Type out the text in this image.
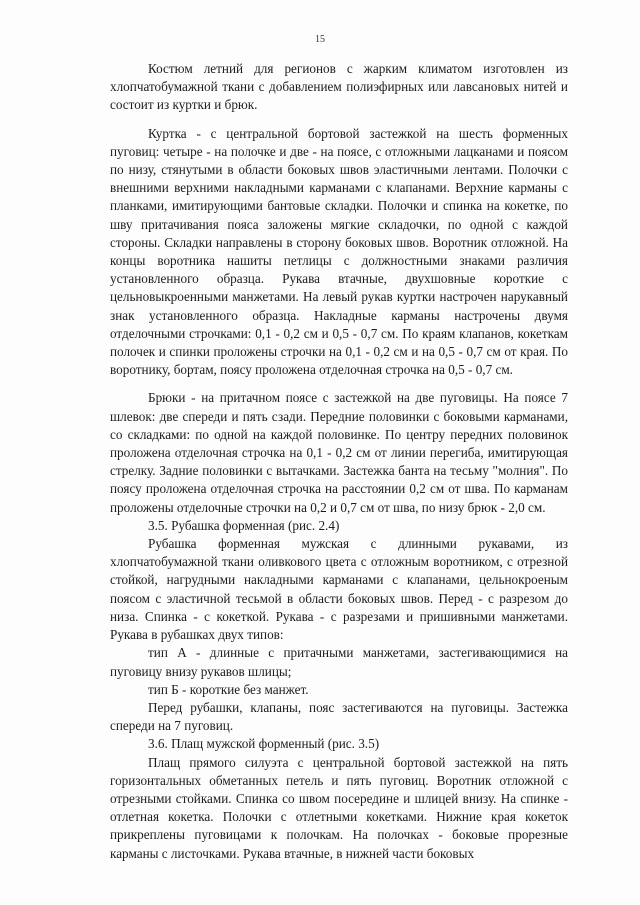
15

Костюм летний для регионов с жарким климатом изготовлен из хлопчатобумажной ткани с добавлением полиэфирных или лавсановых нитей и состоит из куртки и брюк.

Куртка - с центральной бортовой застежкой на шесть форменных пуговиц: четыре - на полочке и две - на поясе, с отложными лацканами и поясом по низу, стянутыми в области боковых швов эластичными лентами. Полочки с внешними верхними накладными карманами с клапанами. Верхние карманы с планками, имитирующими бантовые складки. Полочки и спинка на кокетке, по шву притачивания пояса заложены мягкие складочки, по одной с каждой стороны. Складки направлены в сторону боковых швов. Воротник отложной. На концы воротника нашиты петлицы с должностными знаками различия установленного образца. Рукава втачные, двухшовные короткие с цельновыкроенными манжетами. На левый рукав куртки настрочен нарукавный знак установленного образца. Накладные карманы настрочены двумя отделочными строчками: 0,1 - 0,2 см и 0,5 - 0,7 см. По краям клапанов, кокеткам полочек и спинки проложены строчки на 0,1 - 0,2 см и на 0,5 - 0,7 см от края. По воротнику, бортам, поясу проложена отделочная строчка на 0,5 - 0,7 см.

Брюки - на притачном поясе с застежкой на две пуговицы. На поясе 7 шлевок: две спереди и пять сзади. Передние половинки с боковыми карманами, со складками: по одной на каждой половинке. По центру передних половинок проложена отделочная строчка на 0,1 - 0,2 см от линии перегиба, имитирующая стрелку. Задние половинки с вытачками. Застежка банта на тесьму "молния". По поясу проложена отделочная строчка на расстоянии 0,2 см от шва. По карманам проложены отделочные строчки на 0,2 и 0,7 см от шва, по низу брюк - 2,0 см.

3.5. Рубашка форменная (рис. 2.4)

Рубашка форменная мужская с длинными рукавами, из хлопчатобумажной ткани оливкового цвета с отложным воротником, с отрезной стойкой, нагрудными накладными карманами с клапанами, цельнокроеным поясом с эластичной тесьмой в области боковых швов. Перед - с разрезом до низа. Спинка - с кокеткой. Рукава - с разрезами и пришивными манжетами. Рукава в рубашках двух типов:

тип А - длинные с притачными манжетами, застегивающимися на пуговицу внизу рукавов шлицы;

тип Б - короткие без манжет.

Перед рубашки, клапаны, пояс застегиваются на пуговицы. Застежка спереди на 7 пуговиц.

3.6. Плащ мужской форменный (рис. 3.5)

Плащ прямого силуэта с центральной бортовой застежкой на пять горизонтальных обметанных петель и пять пуговиц. Воротник отложной с отрезными стойками. Спинка со швом посередине и шлицей внизу. На спинке - отлетная кокетка. Полочки с отлетными кокетками. Нижние края кокеток прикреплены пуговицами к полочкам. На полочках - боковые прорезные карманы с листочками. Рукава втачные, в нижней части боковых
